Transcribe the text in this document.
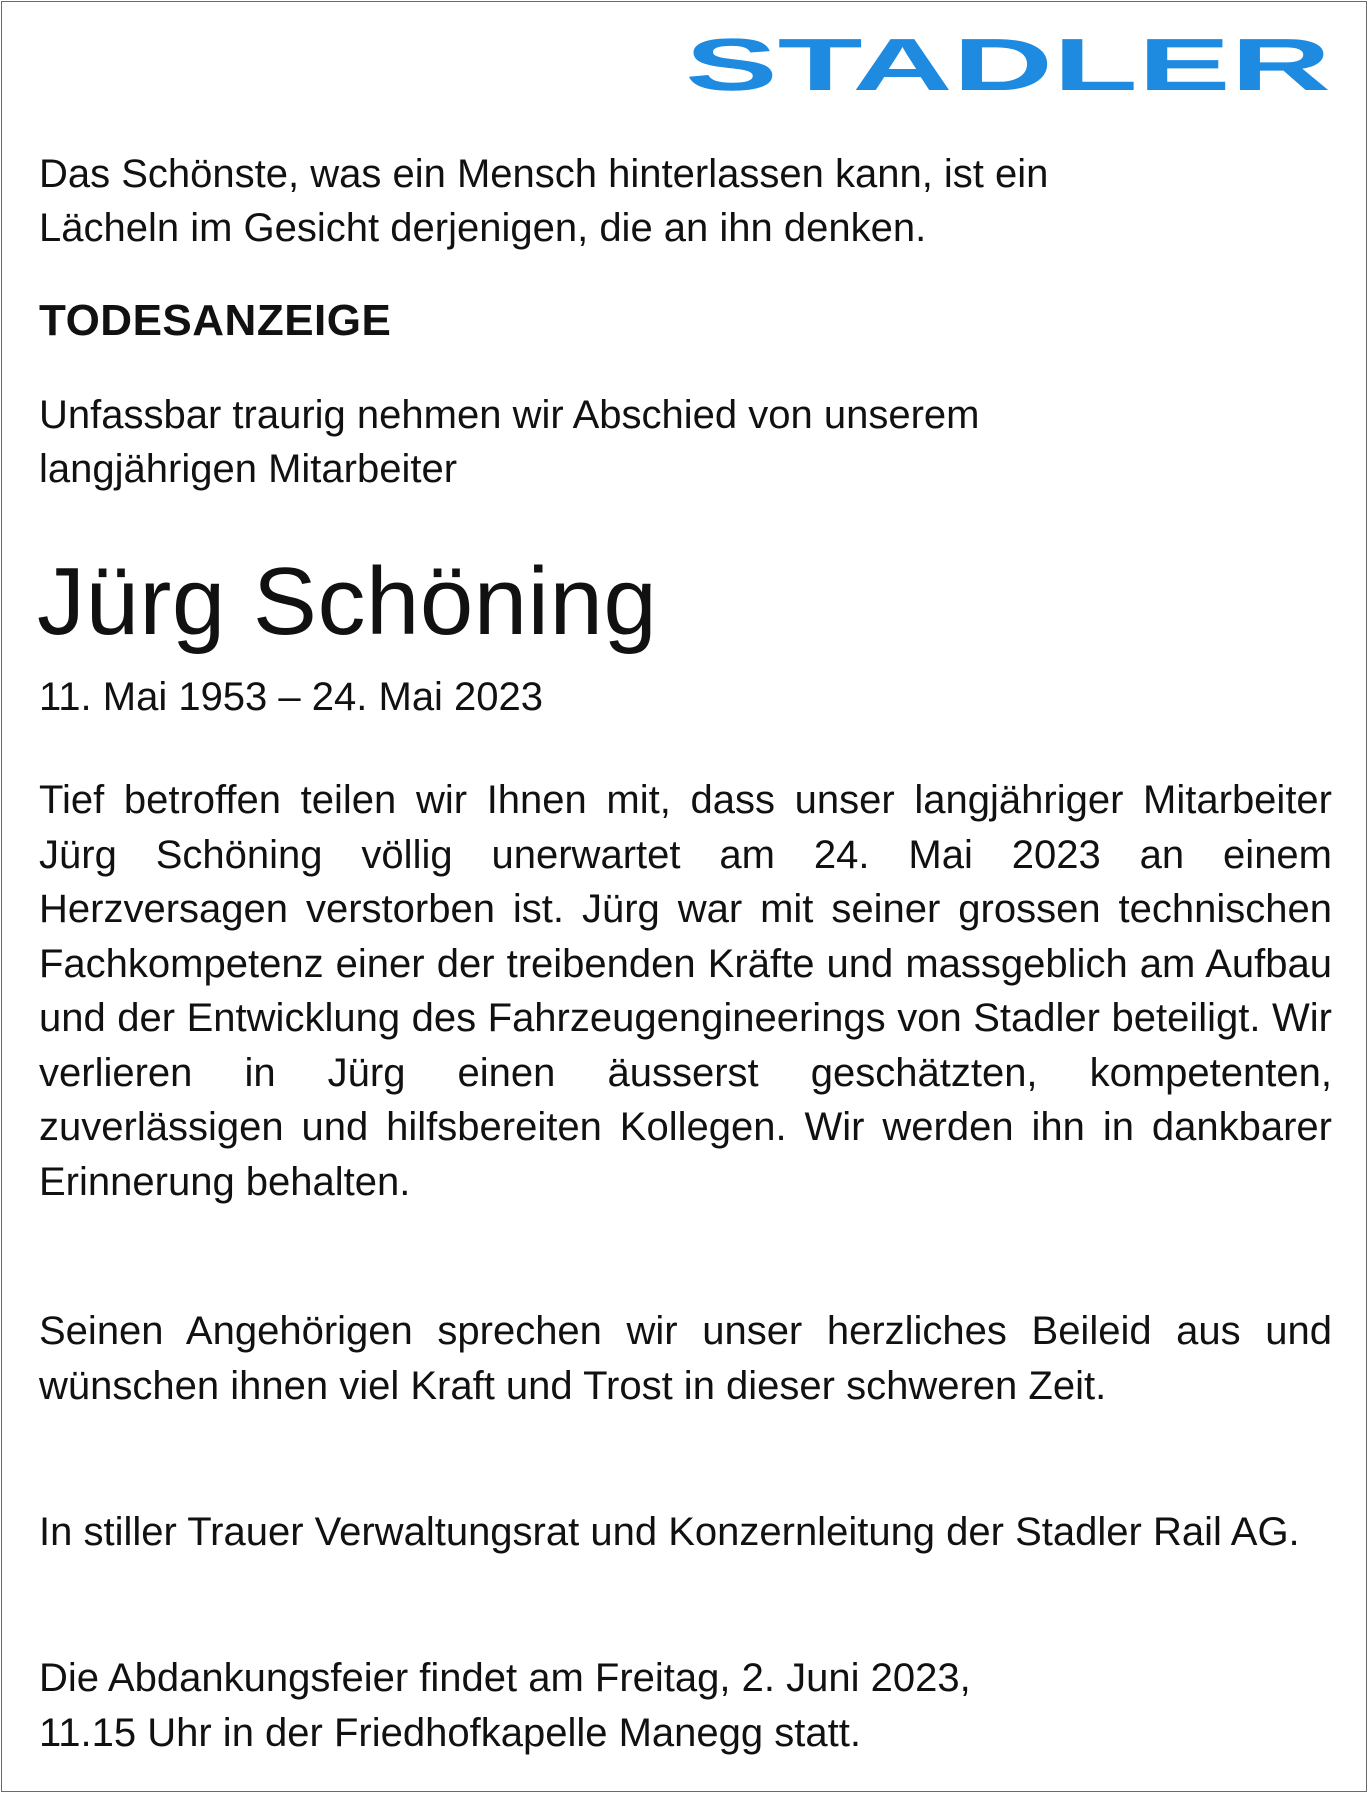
STADLER
Das Schönste, was ein Mensch hinterlassen kann, ist ein
Lächeln im Gesicht derjenigen, die an ihn denken.
TODESANZEIGE
Unfassbar traurig nehmen wir Abschied von unserem
langjährigen Mitarbeiter
Jürg Schöning
11. Mai 1953 – 24. Mai 2023
Tief betroffen teilen wir Ihnen mit, dass unser langjähriger Mitarbeiter Jürg Schöning völlig unerwartet am 24. Mai 2023 an einem Herzversagen verstorben ist. Jürg war mit seiner grossen technischen Fachkompetenz einer der treibenden Kräfte und massgeblich am Aufbau und der Entwicklung des Fahrzeugengineerings von Stadler beteiligt. Wir verlieren in Jürg einen äusserst geschätzten, kompetenten, zuverlässigen und hilfsbereiten Kollegen. Wir werden ihn in dankbarer Erinnerung behalten.
Seinen Angehörigen sprechen wir unser herzliches Beileid aus und wünschen ihnen viel Kraft und Trost in dieser schweren Zeit.
In stiller Trauer Verwaltungsrat und Konzernleitung der Stadler Rail AG.
Die Abdankungsfeier findet am Freitag, 2. Juni 2023,
11.15 Uhr in der Friedhofkapelle Manegg statt.
